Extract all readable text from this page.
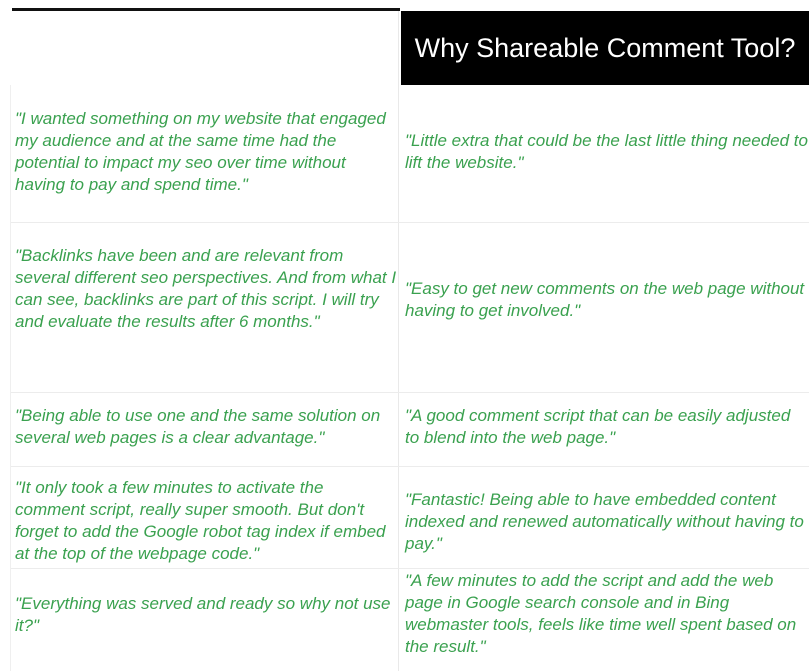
Why Shareable Comment Tool?

"I wanted something on my website that engaged my audience and at the same time had the potential to impact my seo over time without having to pay and spend time."

"Backlinks have been and are relevant from several different seo perspectives. And from what I can see, backlinks are part of this script. I will try and evaluate the results after 6 months."

"Being able to use one and the same solution on several web pages is a clear advantage."

"It only took a few minutes to activate the comment script, really super smooth. But don't forget to add the Google robot tag index if embed at the top of the webpage code."

"Everything was served and ready so why not use it?"

"Little extra that could be the last little thing needed to lift the website."

"Easy to get new comments on the web page without having to get involved."

"A good comment script that can be easily adjusted to blend into the web page."

"Fantastic! Being able to have embedded content indexed and renewed automatically without having to pay."

"A few minutes to add the script and add the web page in Google search console and in Bing webmaster tools, feels like time well spent based on the result."
